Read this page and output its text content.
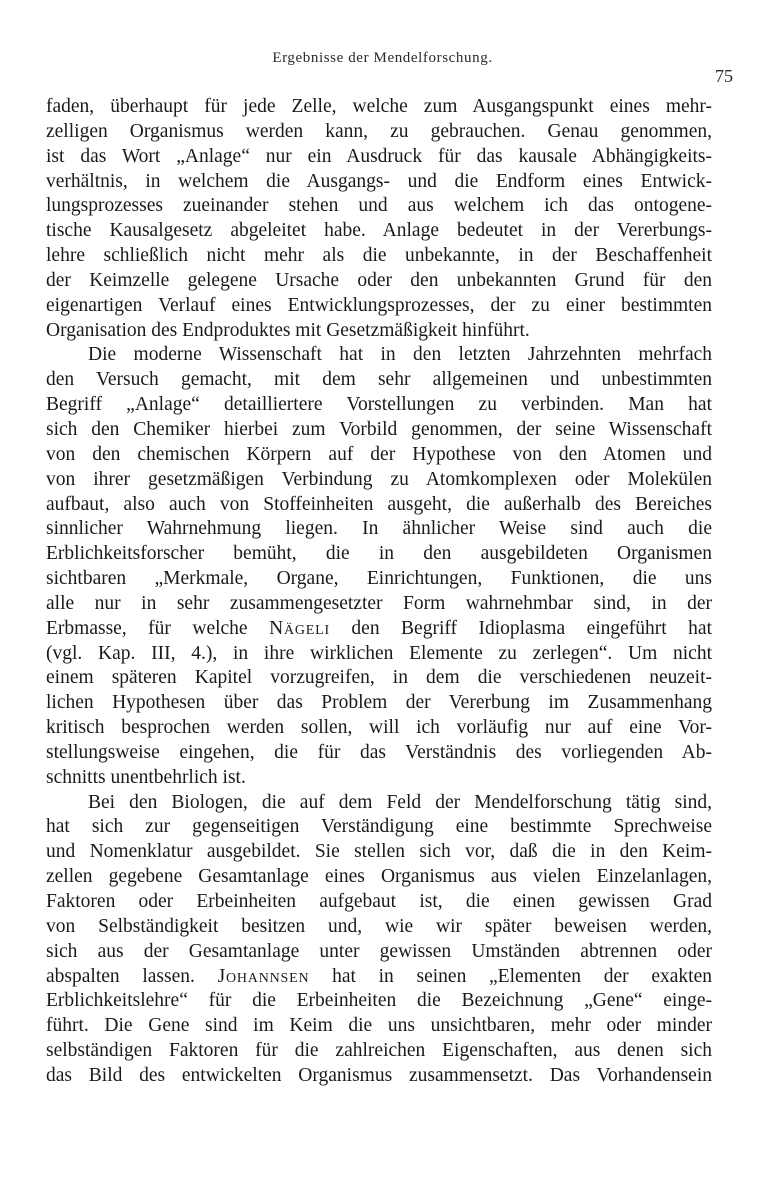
Ergebnisse der Mendelforschung.
75
faden, überhaupt für jede Zelle, welche zum Ausgangspunkt eines mehr-
zelligen Organismus werden kann, zu gebrauchen. Genau genommen,
ist das Wort „Anlage“ nur ein Ausdruck für das kausale Abhängigkeits-
verhältnis, in welchem die Ausgangs- und die Endform eines Entwick-
lungsprozesses zueinander stehen und aus welchem ich das ontogene-
tische Kausalgesetz abgeleitet habe. Anlage bedeutet in der Vererbungs-
lehre schließlich nicht mehr als die unbekannte, in der Beschaffenheit
der Keimzelle gelegene Ursache oder den unbekannten Grund für den
eigenartigen Verlauf eines Entwicklungsprozesses, der zu einer bestimmten
Organisation des Endproduktes mit Gesetzmäßigkeit hinführt.
Die moderne Wissenschaft hat in den letzten Jahrzehnten mehrfach
den Versuch gemacht, mit dem sehr allgemeinen und unbestimmten
Begriff „Anlage“ detailliertere Vorstellungen zu verbinden. Man hat
sich den Chemiker hierbei zum Vorbild genommen, der seine Wissenschaft
von den chemischen Körpern auf der Hypothese von den Atomen und
von ihrer gesetzmäßigen Verbindung zu Atomkomplexen oder Molekülen
aufbaut, also auch von Stoffeinheiten ausgeht, die außerhalb des Bereiches
sinnlicher Wahrnehmung liegen. In ähnlicher Weise sind auch die
Erblichkeitsforscher bemüht, die in den ausgebildeten Organismen
sichtbaren „Merkmale, Organe, Einrichtungen, Funktionen, die uns
alle nur in sehr zusammengesetzter Form wahrnehmbar sind, in der
Erbmasse, für welche Nägeli den Begriff Idioplasma eingeführt hat
(vgl. Kap. III, 4.), in ihre wirklichen Elemente zu zerlegen“. Um nicht
einem späteren Kapitel vorzugreifen, in dem die verschiedenen neuzeit-
lichen Hypothesen über das Problem der Vererbung im Zusammenhang
kritisch besprochen werden sollen, will ich vorläufig nur auf eine Vor-
stellungsweise eingehen, die für das Verständnis des vorliegenden Ab-
schnitts unentbehrlich ist.
Bei den Biologen, die auf dem Feld der Mendelforschung tätig sind,
hat sich zur gegenseitigen Verständigung eine bestimmte Sprechweise
und Nomenklatur ausgebildet. Sie stellen sich vor, daß die in den Keim-
zellen gegebene Gesamtanlage eines Organismus aus vielen Einzelanlagen,
Faktoren oder Erbeinheiten aufgebaut ist, die einen gewissen Grad
von Selbständigkeit besitzen und, wie wir später beweisen werden,
sich aus der Gesamtanlage unter gewissen Umständen abtrennen oder
abspalten lassen. Johannsen hat in seinen „Elementen der exakten
Erblichkeitslehre“ für die Erbeinheiten die Bezeichnung „Gene“ einge-
führt. Die Gene sind im Keim die uns unsichtbaren, mehr oder minder
selbständigen Faktoren für die zahlreichen Eigenschaften, aus denen sich
das Bild des entwickelten Organismus zusammensetzt. Das Vorhandensein
